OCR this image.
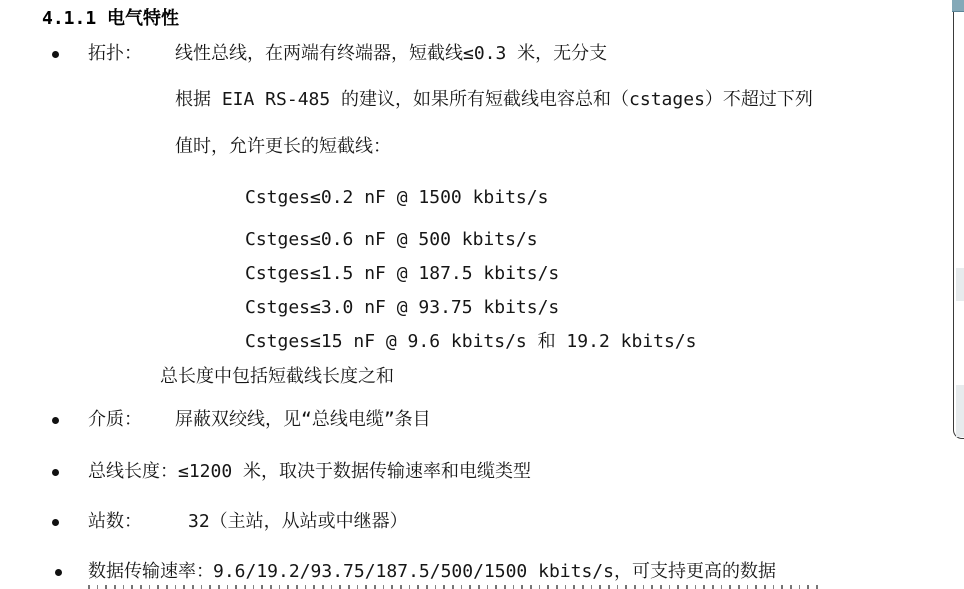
4.1.1 电气特性
拓扑： 线性总线，在两端有终端器，短截线≤0.3 米，无分支
根据 EIA RS-485 的建议，如果所有短截线电容总和（cstages）不超过下列
值时，允许更长的短截线：
Cstges≤0.2 nF @ 1500 kbits/s
Cstges≤0.6 nF @ 500 kbits/s
Cstges≤1.5 nF @ 187.5 kbits/s
Cstges≤3.0 nF @ 93.75 kbits/s
Cstges≤15 nF @ 9.6 kbits/s 和 19.2 kbits/s
总长度中包括短截线长度之和
介质： 屏蔽双绞线，见“总线电缆”条目
总线长度： ≤1200 米，取决于数据传输速率和电缆类型
站数：	32（主站，从站或中继器）
数据传输速率： 9.6/19.2/93.75/187.5/500/1500 kbits/s，可支持更高的数据
